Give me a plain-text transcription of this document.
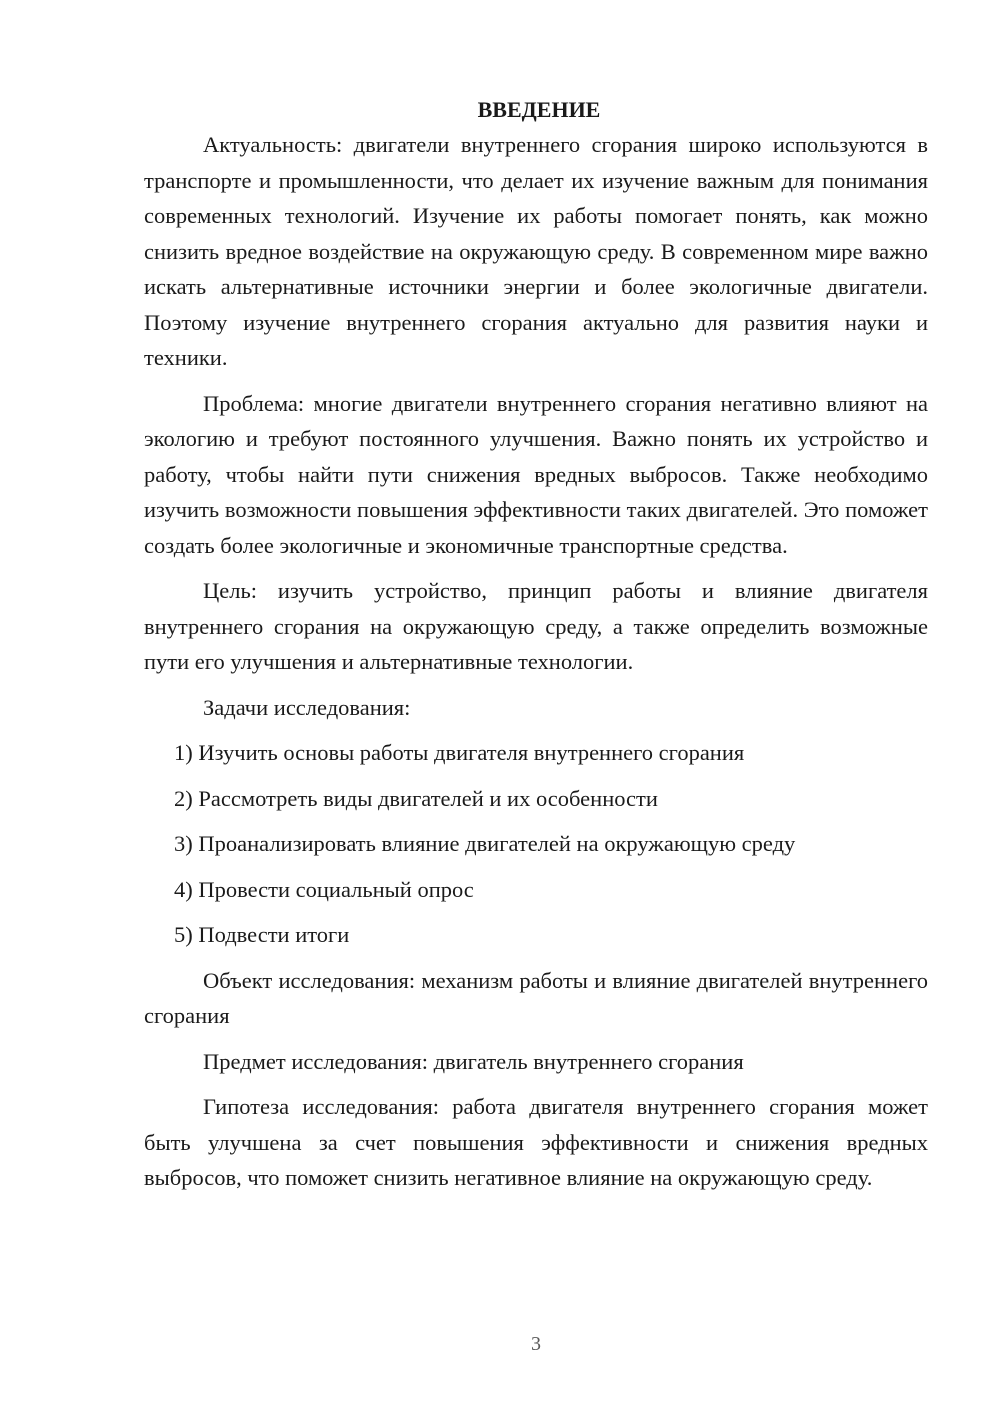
ВВЕДЕНИЕ

Актуальность: двигатели внутреннего сгорания широко используются в транспорте и промышленности, что делает их изучение важным для понимания современных технологий. Изучение их работы помогает понять, как можно снизить вредное воздействие на окружающую среду. В современном мире важно искать альтернативные источники энергии и более экологичные двигатели. Поэтому изучение внутреннего сгорания актуально для развития науки и техники.

Проблема: многие двигатели внутреннего сгорания негативно влияют на экологию и требуют постоянного улучшения. Важно понять их устройство и работу, чтобы найти пути снижения вредных выбросов. Также необходимо изучить возможности повышения эффективности таких двигателей. Это поможет создать более экологичные и экономичные транспортные средства.

Цель: изучить устройство, принцип работы и влияние двигателя внутреннего сгорания на окружающую среду, а также определить возможные пути его улучшения и альтернативные технологии.

Задачи исследования:

1) Изучить основы работы двигателя внутреннего сгорания
2) Рассмотреть виды двигателей и их особенности
3) Проанализировать влияние двигателей на окружающую среду
4) Провести социальный опрос
5) Подвести итоги

Объект исследования: механизм работы и влияние двигателей внутреннего сгорания

Предмет исследования: двигатель внутреннего сгорания

Гипотеза исследования: работа двигателя внутреннего сгорания может быть улучшена за счет повышения эффективности и снижения вредных выбросов, что поможет снизить негативное влияние на окружающую среду.

3
